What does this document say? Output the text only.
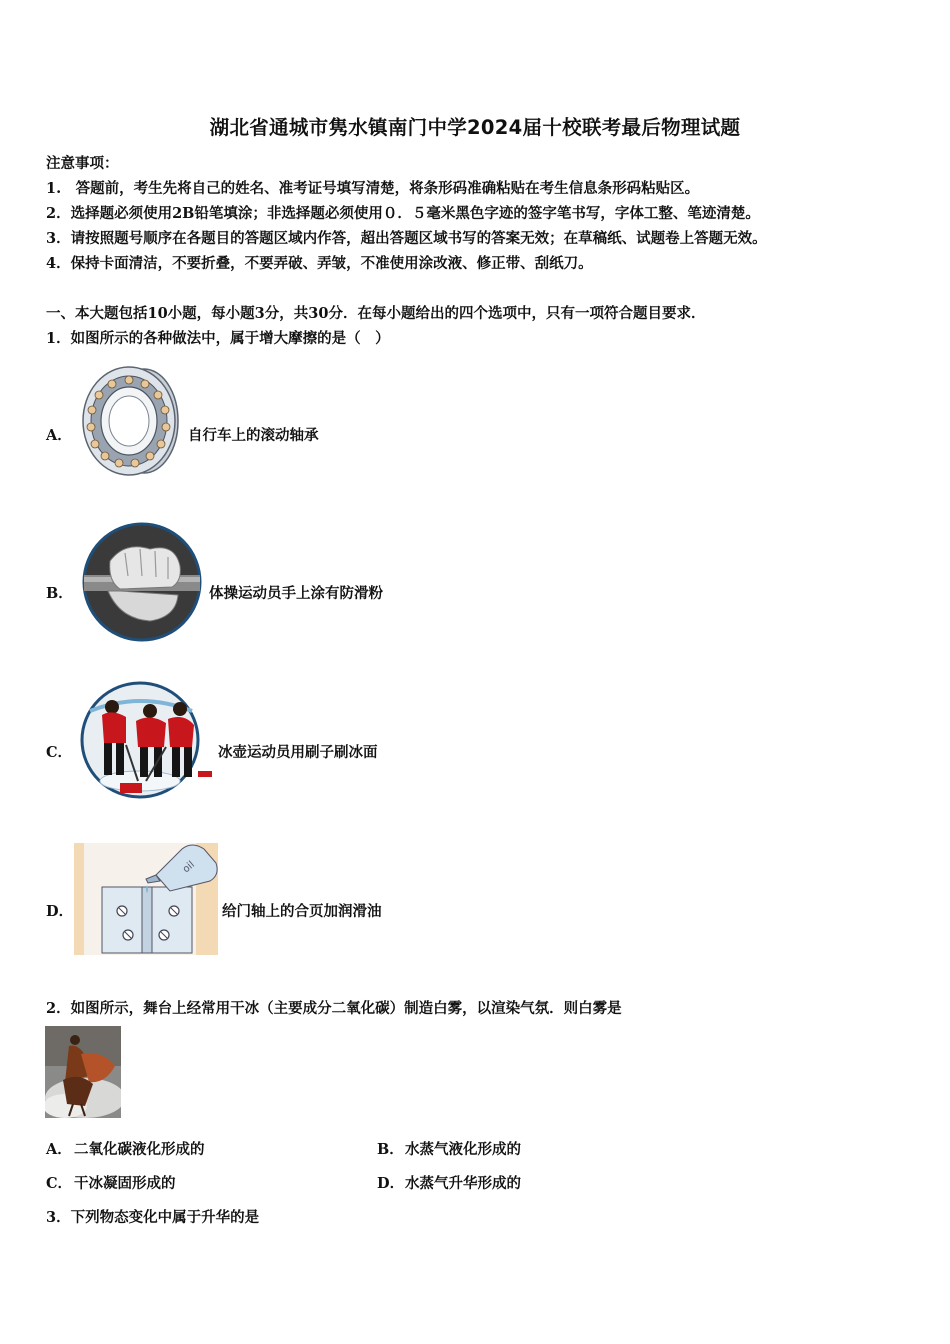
湖北省通城市隽水镇南门中学2024届十校联考最后物理试题
注意事项：
1.　答题前，考生先将自己的姓名、准考证号填写清楚，将条形码准确粘贴在考生信息条形码粘贴区。
2．选择题必须使用2B铅笔填涂；非选择题必须使用０．５毫米黑色字迹的签字笔书写，字体工整、笔迹清楚。
3．请按照题号顺序在各题目的答题区域内作答，超出答题区域书写的答案无效；在草稿纸、试题卷上答题无效。
4．保持卡面清洁，不要折叠，不要弄破、弄皱，不准使用涂改液、修正带、刮纸刀。
一、本大题包括10小题，每小题3分，共30分．在每小题给出的四个选项中，只有一项符合题目要求．
1．如图所示的各种做法中，属于增大摩擦的是（　）
A．	自行车上的滚动轴承
B．	体操运动员手上涂有防滑粉
C．	冰壶运动员用刷子刷冰面
D．
oil
给门轴上的合页加润滑油
2．如图所示，舞台上经常用干冰（主要成分二氧化碳）制造白雾，以渲染气氛．则白雾是
A． 二氧化碳液化形成的	B． 水蒸气液化形成的
C． 干冰凝固形成的	D． 水蒸气升华形成的
3．下列物态变化中属于升华的是
